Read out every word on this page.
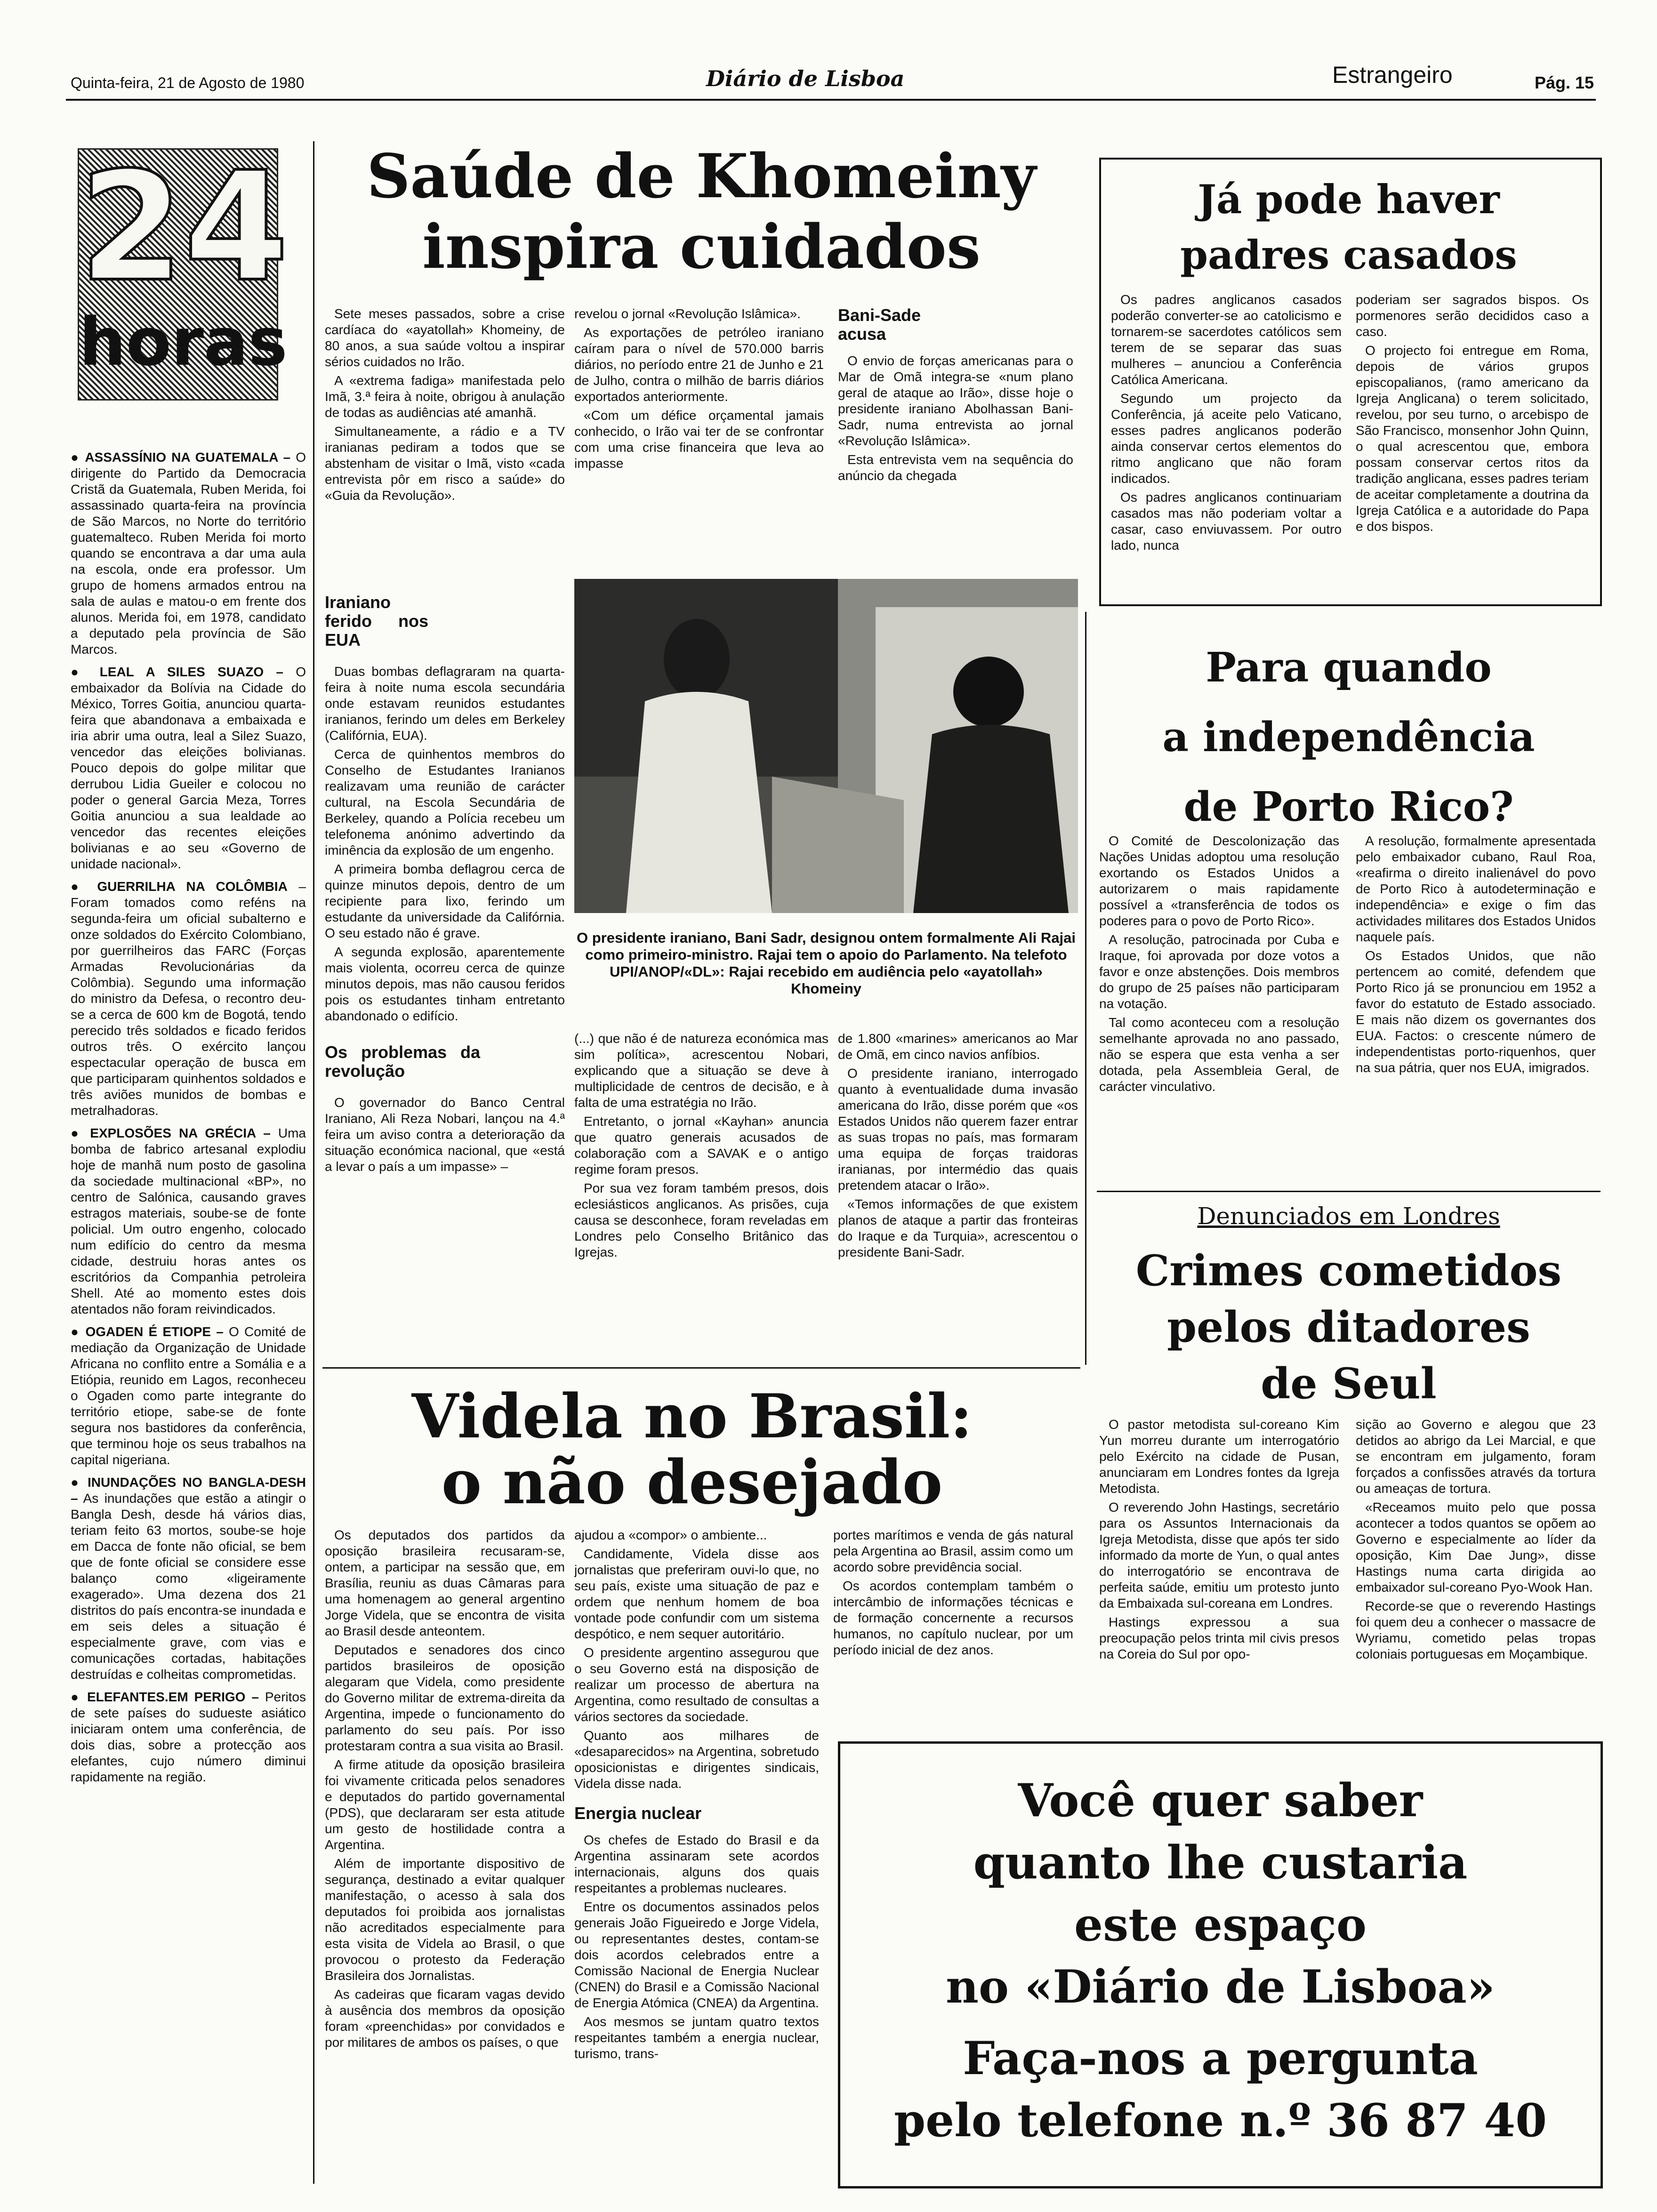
Quinta-feira, 21 de Agosto de 1980	Diário de Lisboa	Estrangeiro	Pág. 15
24
horas

● ASSASSÍNIO NA GUATEMALA – O dirigente do Partido da Democracia Cristã da Guatemala, Ruben Merida, foi assassinado quarta-feira na província de São Marcos, no Norte do território guatemalteco. Ruben Merida foi morto quando se encontrava a dar uma aula na escola, onde era professor. Um grupo de homens armados entrou na sala de aulas e matou-o em frente dos alunos. Merida foi, em 1978, candidato a deputado pela província de São Marcos.

● LEAL A SILES SUAZO – O embaixador da Bolívia na Cidade do México, Torres Goitia, anunciou quarta-feira que abandonava a embaixada e iria abrir uma outra, leal a Silez Suazo, vencedor das eleições bolivianas. Pouco depois do golpe militar que derrubou Lidia Gueiler e colocou no poder o general Garcia Meza, Torres Goitia anunciou a sua lealdade ao vencedor das recentes eleições bolivianas e ao seu «Governo de unidade nacional».

● GUERRILHA NA COLÔMBIA – Foram tomados como reféns na segunda-feira um oficial subalterno e onze soldados do Exército Colombiano, por guerrilheiros das FARC (Forças Armadas Revolucionárias da Colômbia). Segundo uma informação do ministro da Defesa, o recontro deu-se a cerca de 600 km de Bogotá, tendo perecido três soldados e ficado feridos outros três. O exército lançou espectacular operação de busca em que participaram quinhentos soldados e três aviões munidos de bombas e metralhadoras.

● EXPLOSÕES NA GRÉCIA – Uma bomba de fabrico artesanal explodiu hoje de manhã num posto de gasolina da sociedade multinacional «BP», no centro de Salónica, causando graves estragos materiais, soube-se de fonte policial. Um outro engenho, colocado num edifício do centro da mesma cidade, destruiu horas antes os escritórios da Companhia petroleira Shell. Até ao momento estes dois atentados não foram reivindicados.

● OGADEN É ETIOPE – O Comité de mediação da Organização de Unidade Africana no conflito entre a Somália e a Etiópia, reunido em Lagos, reconheceu o Ogaden como parte integrante do território etiope, sabe-se de fonte segura nos bastidores da conferência, que terminou hoje os seus trabalhos na capital nigeriana.

● INUNDAÇÕES NO BANGLA-DESH – As inundações que estão a atingir o Bangla Desh, desde há vários dias, teriam feito 63 mortos, soube-se hoje em Dacca de fonte não oficial, se bem que de fonte oficial se considere esse balanço como «ligeiramente exagerado». Uma dezena dos 21 distritos do país encontra-se inundada e em seis deles a situação é especialmente grave, com vias e comunicações cortadas, habitações destruídas e colheitas comprometidas.

● ELEFANTES.EM PERIGO – Peritos de sete países do sudueste asiático iniciaram ontem uma conferência, de dois dias, sobre a protecção aos elefantes, cujo número diminui rapidamente na região.

Saúde de Khomeiny
inspira cuidados

Sete meses passados, sobre a crise cardíaca do «ayatollah» Khomeiny, de 80 anos, a sua saúde voltou a inspirar sérios cuidados no Irão.

A «extrema fadiga» manifestada pelo Imã, 3.ª feira à noite, obrigou à anulação de todas as audiências até amanhã.

Simultaneamente, a rádio e a TV iranianas pediram a todos que se abstenham de visitar o Imã, visto «cada entrevista pôr em risco a saúde» do «Guia da Revolução».

revelou o jornal «Revolução Islâmica».

As exportações de petróleo iraniano caíram para o nível de 570.000 barris diários, no período entre 21 de Junho e 21 de Julho, contra o milhão de barris diários exportados anteriormente.

«Com um défice orçamental jamais conhecido, o Irão vai ter de se confrontar com uma crise financeira que leva ao impasse

Bani-Sade acusa

O envio de forças americanas para o Mar de Omã integra-se «num plano geral de ataque ao Irão», disse hoje o presidente iraniano Abolhassan Bani-Sadr, numa entrevista ao jornal «Revolução Islâmica».

Esta entrevista vem na sequência do anúncio da chegada

Iraniano ferido nos EUA

Duas bombas deflagraram na quarta-feira à noite numa escola secundária onde estavam reunidos estudantes iranianos, ferindo um deles em Berkeley (Califórnia, EUA).

Cerca de quinhentos membros do Conselho de Estudantes Iranianos realizavam uma reunião de carácter cultural, na Escola Secundária de Berkeley, quando a Polícia recebeu um telefonema anónimo advertindo da iminência da explosão de um engenho.

A primeira bomba deflagrou cerca de quinze minutos depois, dentro de um recipiente para lixo, ferindo um estudante da universidade da Califórnia. O seu estado não é grave.

A segunda explosão, aparentemente mais violenta, ocorreu cerca de quinze minutos depois, mas não causou feridos pois os estudantes tinham entretanto abandonado o edifício.

Os problemas da revolução

O governador do Banco Central Iraniano, Ali Reza Nobari, lançou na 4.ª feira um aviso contra a deterioração da situação económica nacional, que «está a levar o país a um impasse» –

O presidente iraniano, Bani Sadr, designou ontem formalmente Ali Rajai como primeiro-ministro. Rajai tem o apoio do Parlamento. Na telefoto UPI/ANOP/«DL»: Rajai recebido em audiência pelo «ayatollah» Khomeiny

(...) que não é de natureza económica mas sim política», acrescentou Nobari, explicando que a situação se deve à multiplicidade de centros de decisão, e à falta de uma estratégia no Irão.

Entretanto, o jornal «Kayhan» anuncia que quatro generais acusados de colaboração com a SAVAK e o antigo regime foram presos.

Por sua vez foram também presos, dois eclesiásticos anglicanos. As prisões, cuja causa se desconhece, foram reveladas em Londres pelo Conselho Britânico das Igrejas.

de 1.800 «marines» americanos ao Mar de Omã, em cinco navios anfíbios.

O presidente iraniano, interrogado quanto à eventualidade duma invasão americana do Irão, disse porém que «os Estados Unidos não querem fazer entrar as suas tropas no país, mas formaram uma equipa de forças traidoras iranianas, por intermédio das quais pretendem atacar o Irão».

«Temos informações de que existem planos de ataque a partir das fronteiras do Iraque e da Turquia», acrescentou o presidente Bani-Sadr.

Já pode haver
padres casados

Os padres anglicanos casados poderão converter-se ao catolicismo e tornarem-se sacerdotes católicos sem terem de se separar das suas mulheres – anunciou a Conferência Católica Americana.

Segundo um projecto da Conferência, já aceite pelo Vaticano, esses padres anglicanos poderão ainda conservar certos elementos do ritmo anglicano que não foram indicados.

Os padres anglicanos continuariam casados mas não poderiam voltar a casar, caso enviuvassem. Por outro lado, nunca

poderiam ser sagrados bispos. Os pormenores serão decididos caso a caso.

O projecto foi entregue em Roma, depois de vários grupos episcopalianos, (ramo americano da Igreja Anglicana) o terem solicitado, revelou, por seu turno, o arcebispo de São Francisco, monsenhor John Quinn, o qual acrescentou que, embora possam conservar certos ritos da tradição anglicana, esses padres teriam de aceitar completamente a doutrina da Igreja Católica e a autoridade do Papa e dos bispos.

Para quando
a independência
de Porto Rico?

O Comité de Descolonização das Nações Unidas adoptou uma resolução exortando os Estados Unidos a autorizarem o mais rapidamente possível a «transferência de todos os poderes para o povo de Porto Rico».

A resolução, patrocinada por Cuba e Iraque, foi aprovada por doze votos a favor e onze abstenções. Dois membros do grupo de 25 países não participaram na votação.

Tal como aconteceu com a resolução semelhante aprovada no ano passado, não se espera que esta venha a ser dotada, pela Assembleia Geral, de carácter vinculativo.

A resolução, formalmente apresentada pelo embaixador cubano, Raul Roa, «reafirma o direito inalienável do povo de Porto Rico à autodeterminação e independência» e exige o fim das actividades militares dos Estados Unidos naquele país.

Os Estados Unidos, que não pertencem ao comité, defendem que Porto Rico já se pronunciou em 1952 a favor do estatuto de Estado associado. E mais não dizem os governantes dos EUA. Factos: o crescente número de independentistas porto-riquenhos, quer na sua pátria, quer nos EUA, imigrados.

Denunciados em Londres
Crimes cometidos
pelos ditadores
de Seul

O pastor metodista sul-coreano Kim Yun morreu durante um interrogatório pelo Exército na cidade de Pusan, anunciaram em Londres fontes da Igreja Metodista.

O reverendo John Hastings, secretário para os Assuntos Internacionais da Igreja Metodista, disse que após ter sido informado da morte de Yun, o qual antes do interrogatório se encontrava de perfeita saúde, emitiu um protesto junto da Embaixada sul-coreana em Londres.

Hastings expressou a sua preocupação pelos trinta mil civis presos na Coreia do Sul por opo-

sição ao Governo e alegou que 23 detidos ao abrigo da Lei Marcial, e que se encontram em julgamento, foram forçados a confissões através da tortura ou ameaças de tortura.

«Receamos muito pelo que possa acontecer a todos quantos se opõem ao Governo e especialmente ao líder da oposição, Kim Dae Jung», disse Hastings numa carta dirigida ao embaixador sul-coreano Pyo-Wook Han.

Recorde-se que o reverendo Hastings foi quem deu a conhecer o massacre de Wyriamu, cometido pelas tropas coloniais portuguesas em Moçambique.

Videla no Brasil:
o não desejado

Os deputados dos partidos da oposição brasileira recusaram-se, ontem, a participar na sessão que, em Brasília, reuniu as duas Câmaras para uma homenagem ao general argentino Jorge Videla, que se encontra de visita ao Brasil desde anteontem.

Deputados e senadores dos cinco partidos brasileiros de oposição alegaram que Videla, como presidente do Governo militar de extrema-direita da Argentina, impede o funcionamento do parlamento do seu país. Por isso protestaram contra a sua visita ao Brasil.

A firme atitude da oposição brasileira foi vivamente criticada pelos senadores e deputados do partido governamental (PDS), que declararam ser esta atitude um gesto de hostilidade contra a Argentina.

Além de importante dispositivo de segurança, destinado a evitar qualquer manifestação, o acesso à sala dos deputados foi proibida aos jornalistas não acreditados especialmente para esta visita de Videla ao Brasil, o que provocou o protesto da Federação Brasileira dos Jornalistas.

As cadeiras que ficaram vagas devido à ausência dos membros da oposição foram «preenchidas» por convidados e por militares de ambos os países, o que

ajudou a «compor» o ambiente...

Candidamente, Videla disse aos jornalistas que preferiram ouvi-lo que, no seu país, existe uma situação de paz e ordem que nenhum homem de boa vontade pode confundir com um sistema despótico, e nem sequer autoritário.

O presidente argentino assegurou que o seu Governo está na disposição de realizar um processo de abertura na Argentina, como resultado de consultas a vários sectores da sociedade.

Quanto aos milhares de «desaparecidos» na Argentina, sobretudo oposicionistas e dirigentes sindicais, Videla disse nada.

Energia nuclear

Os chefes de Estado do Brasil e da Argentina assinaram sete acordos internacionais, alguns dos quais respeitantes a problemas nucleares.

Entre os documentos assinados pelos generais João Figueiredo e Jorge Videla, ou representantes destes, contam-se dois acordos celebrados entre a Comissão Nacional de Energia Nuclear (CNEN) do Brasil e a Comissão Nacional de Energia Atómica (CNEA) da Argentina.

Aos mesmos se juntam quatro textos respeitantes também a energia nuclear, turismo, trans-

portes marítimos e venda de gás natural pela Argentina ao Brasil, assim como um acordo sobre previdência social.

Os acordos contemplam também o intercâmbio de informações técnicas e de formação concernente a recursos humanos, no capítulo nuclear, por um período inicial de dez anos.

Você quer saber
quanto lhe custaria
este espaço
no «Diário de Lisboa»
Faça-nos a pergunta
pelo telefone n.º 36 87 40
